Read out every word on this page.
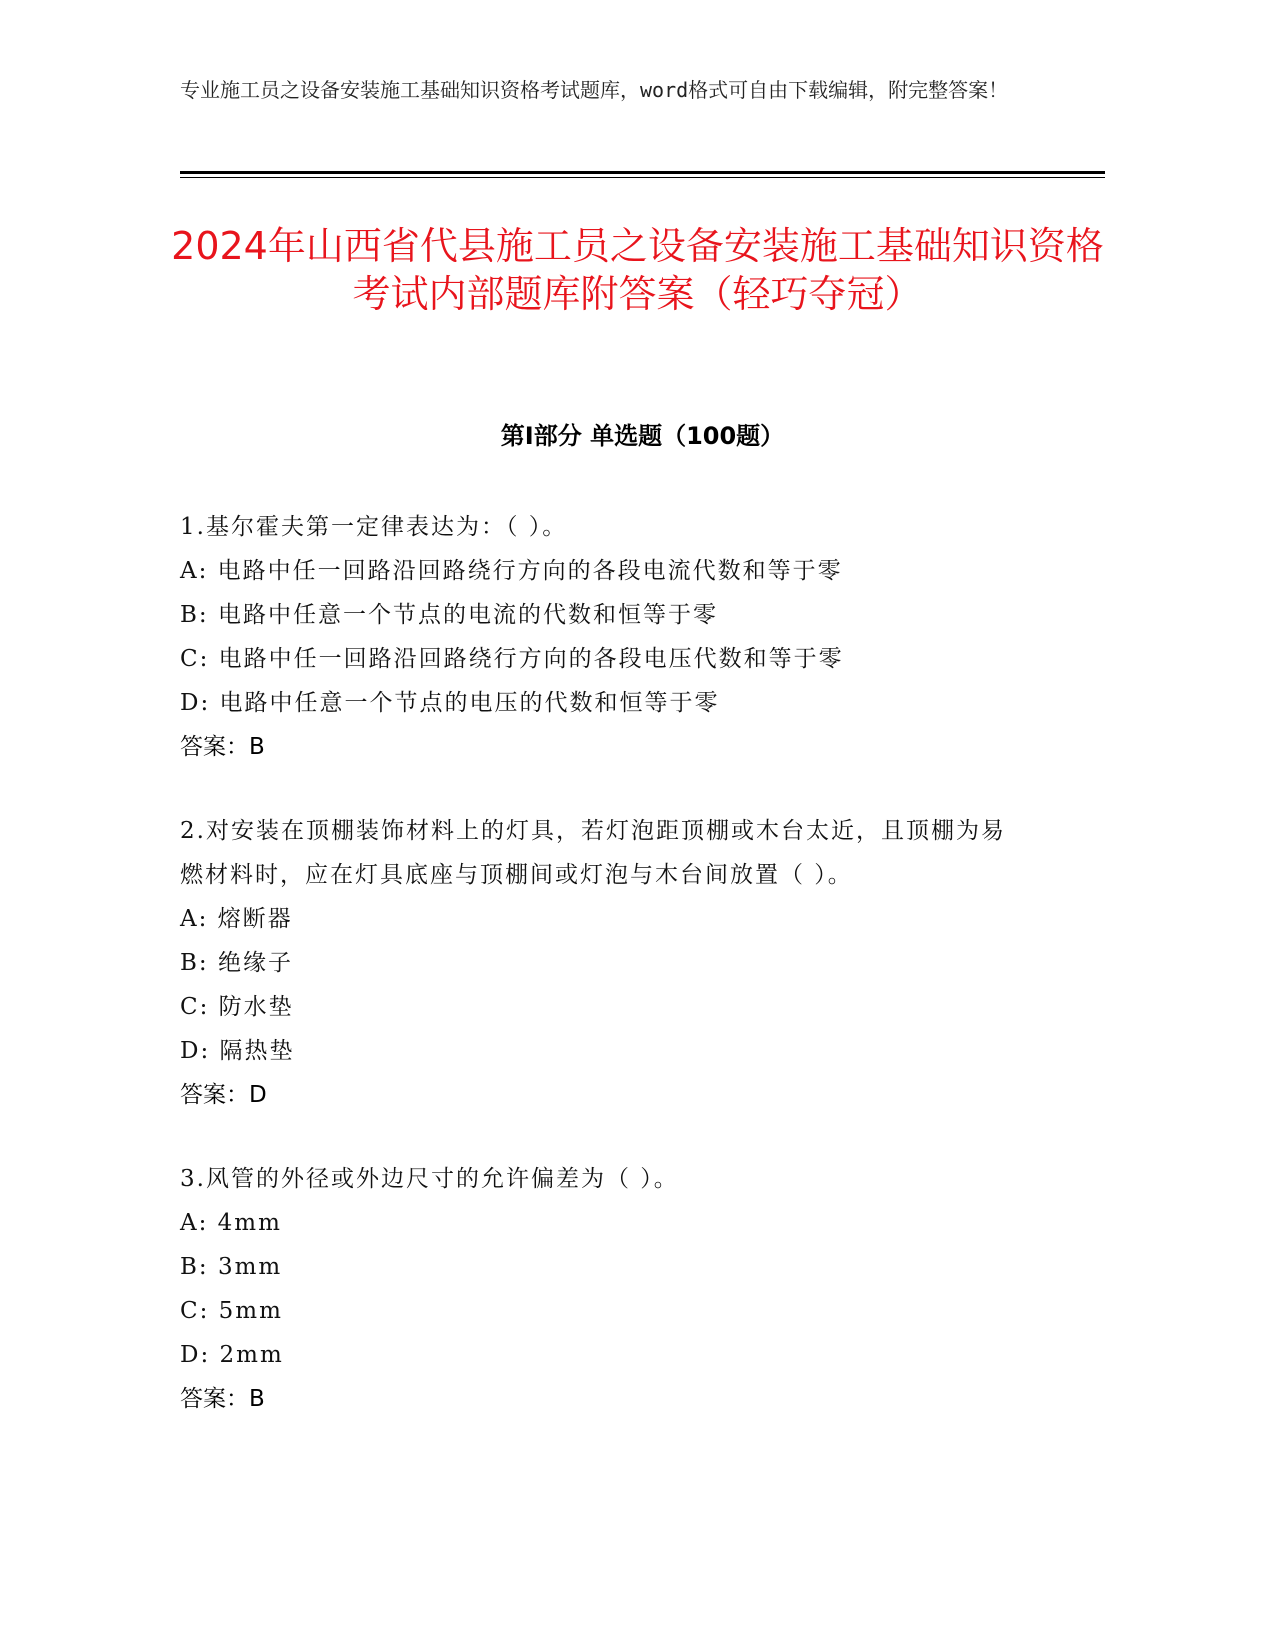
专业施工员之设备安装施工基础知识资格考试题库，word格式可自由下载编辑，附完整答案！
2024年山西省代县施工员之设备安装施工基础知识资格考试内部题库附答案（轻巧夺冠）
第Ⅰ部分 单选题（100题）

1.基尔霍夫第一定律表达为：（ ）。

A: 电路中任一回路沿回路绕行方向的各段电流代数和等于零

B: 电路中任意一个节点的电流的代数和恒等于零

C: 电路中任一回路沿回路绕行方向的各段电压代数和等于零

D: 电路中任意一个节点的电压的代数和恒等于零

答案：B

2.对安装在顶棚装饰材料上的灯具，若灯泡距顶棚或木台太近，且顶棚为易燃材料时，应在灯具底座与顶棚间或灯泡与木台间放置（ ）。

A: 熔断器

B: 绝缘子

C: 防水垫

D: 隔热垫

答案：D

3.风管的外径或外边尺寸的允许偏差为（ ）。

A: 4mm

B: 3mm

C: 5mm

D: 2mm

答案：B
